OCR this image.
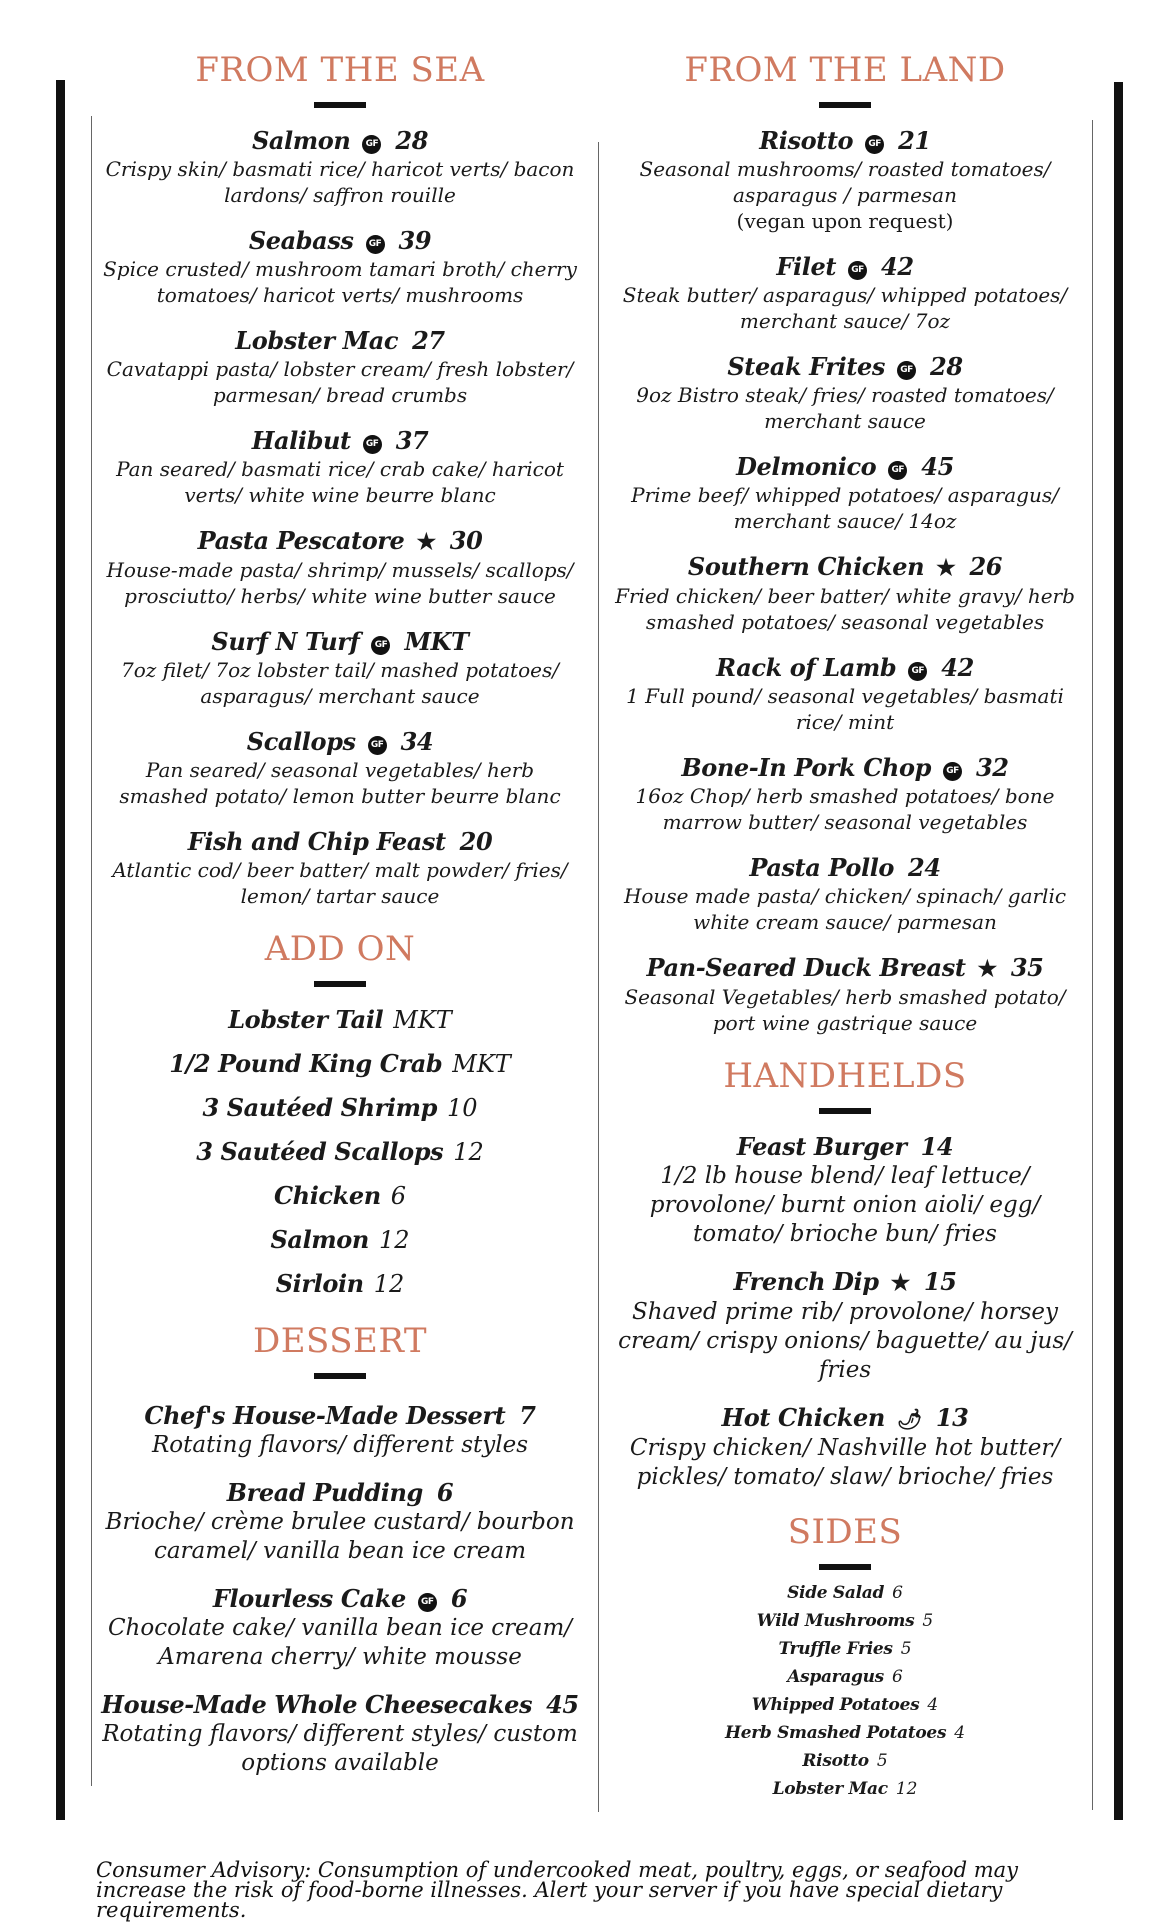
FROM THE SEA
Salmon GF 28
Crispy skin/ basmati rice/ haricot verts/ bacon lardons/ saffron rouille
Seabass GF 39
Spice crusted/ mushroom tamari broth/ cherry tomatoes/ haricot verts/ mushrooms
Lobster Mac 27
Cavatappi pasta/ lobster cream/ fresh lobster/ parmesan/ bread crumbs
Halibut GF 37
Pan seared/ basmati rice/ crab cake/ haricot verts/ white wine beurre blanc
Pasta Pescatore ★ 30
House-made pasta/ shrimp/ mussels/ scallops/ prosciutto/ herbs/ white wine butter sauce
Surf N Turf GF MKT
7oz filet/ 7oz lobster tail/ mashed potatoes/ asparagus/ merchant sauce
Scallops GF 34
Pan seared/ seasonal vegetables/ herb smashed potato/ lemon butter beurre blanc
Fish and Chip Feast 20
Atlantic cod/ beer batter/ malt powder/ fries/ lemon/ tartar sauce
ADD ON
Lobster Tail MKT
1/2 Pound King Crab MKT
3 Sautéed Shrimp 10
3 Sautéed Scallops 12
Chicken 6
Salmon 12
Sirloin 12
DESSERT
Chef's House-Made Dessert 7
Rotating flavors/ different styles
Bread Pudding 6
Brioche/ crème brulee custard/ bourbon caramel/ vanilla bean ice cream
Flourless Cake GF 6
Chocolate cake/ vanilla bean ice cream/ Amarena cherry/ white mousse
House-Made Whole Cheesecakes 45
Rotating flavors/ different styles/ custom options available
FROM THE LAND
Risotto GF 21
Seasonal mushrooms/ roasted tomatoes/ asparagus / parmesan
(vegan upon request)
Filet GF 42
Steak butter/ asparagus/ whipped potatoes/ merchant sauce/ 7oz
Steak Frites GF 28
9oz Bistro steak/ fries/ roasted tomatoes/ merchant sauce
Delmonico GF 45
Prime beef/ whipped potatoes/ asparagus/ merchant sauce/ 14oz
Southern Chicken ★ 26
Fried chicken/ beer batter/ white gravy/ herb smashed potatoes/ seasonal vegetables
Rack of Lamb GF 42
1 Full pound/ seasonal vegetables/ basmati rice/ mint
Bone-In Pork Chop GF 32
16oz Chop/ herb smashed potatoes/ bone marrow butter/ seasonal vegetables
Pasta Pollo 24
House made pasta/ chicken/ spinach/ garlic white cream sauce/ parmesan
Pan-Seared Duck Breast ★ 35
Seasonal Vegetables/ herb smashed potato/ port wine gastrique sauce
HANDHELDS
Feast Burger 14
1/2 lb house blend/ leaf lettuce/ provolone/ burnt onion aioli/ egg/ tomato/ brioche bun/ fries
French Dip ★ 15
Shaved prime rib/ provolone/ horsey cream/ crispy onions/ baguette/ au jus/ fries
Hot Chicken 🌶 13
Crispy chicken/ Nashville hot butter/ pickles/ tomato/ slaw/ brioche/ fries
SIDES
Side Salad 6
Wild Mushrooms 5
Truffle Fries 5
Asparagus 6
Whipped Potatoes 4
Herb Smashed Potatoes 4
Risotto 5
Lobster Mac 12
Consumer Advisory: Consumption of undercooked meat, poultry, eggs, or seafood may increase the risk of food-borne illnesses. Alert your server if you have special dietary requirements.
